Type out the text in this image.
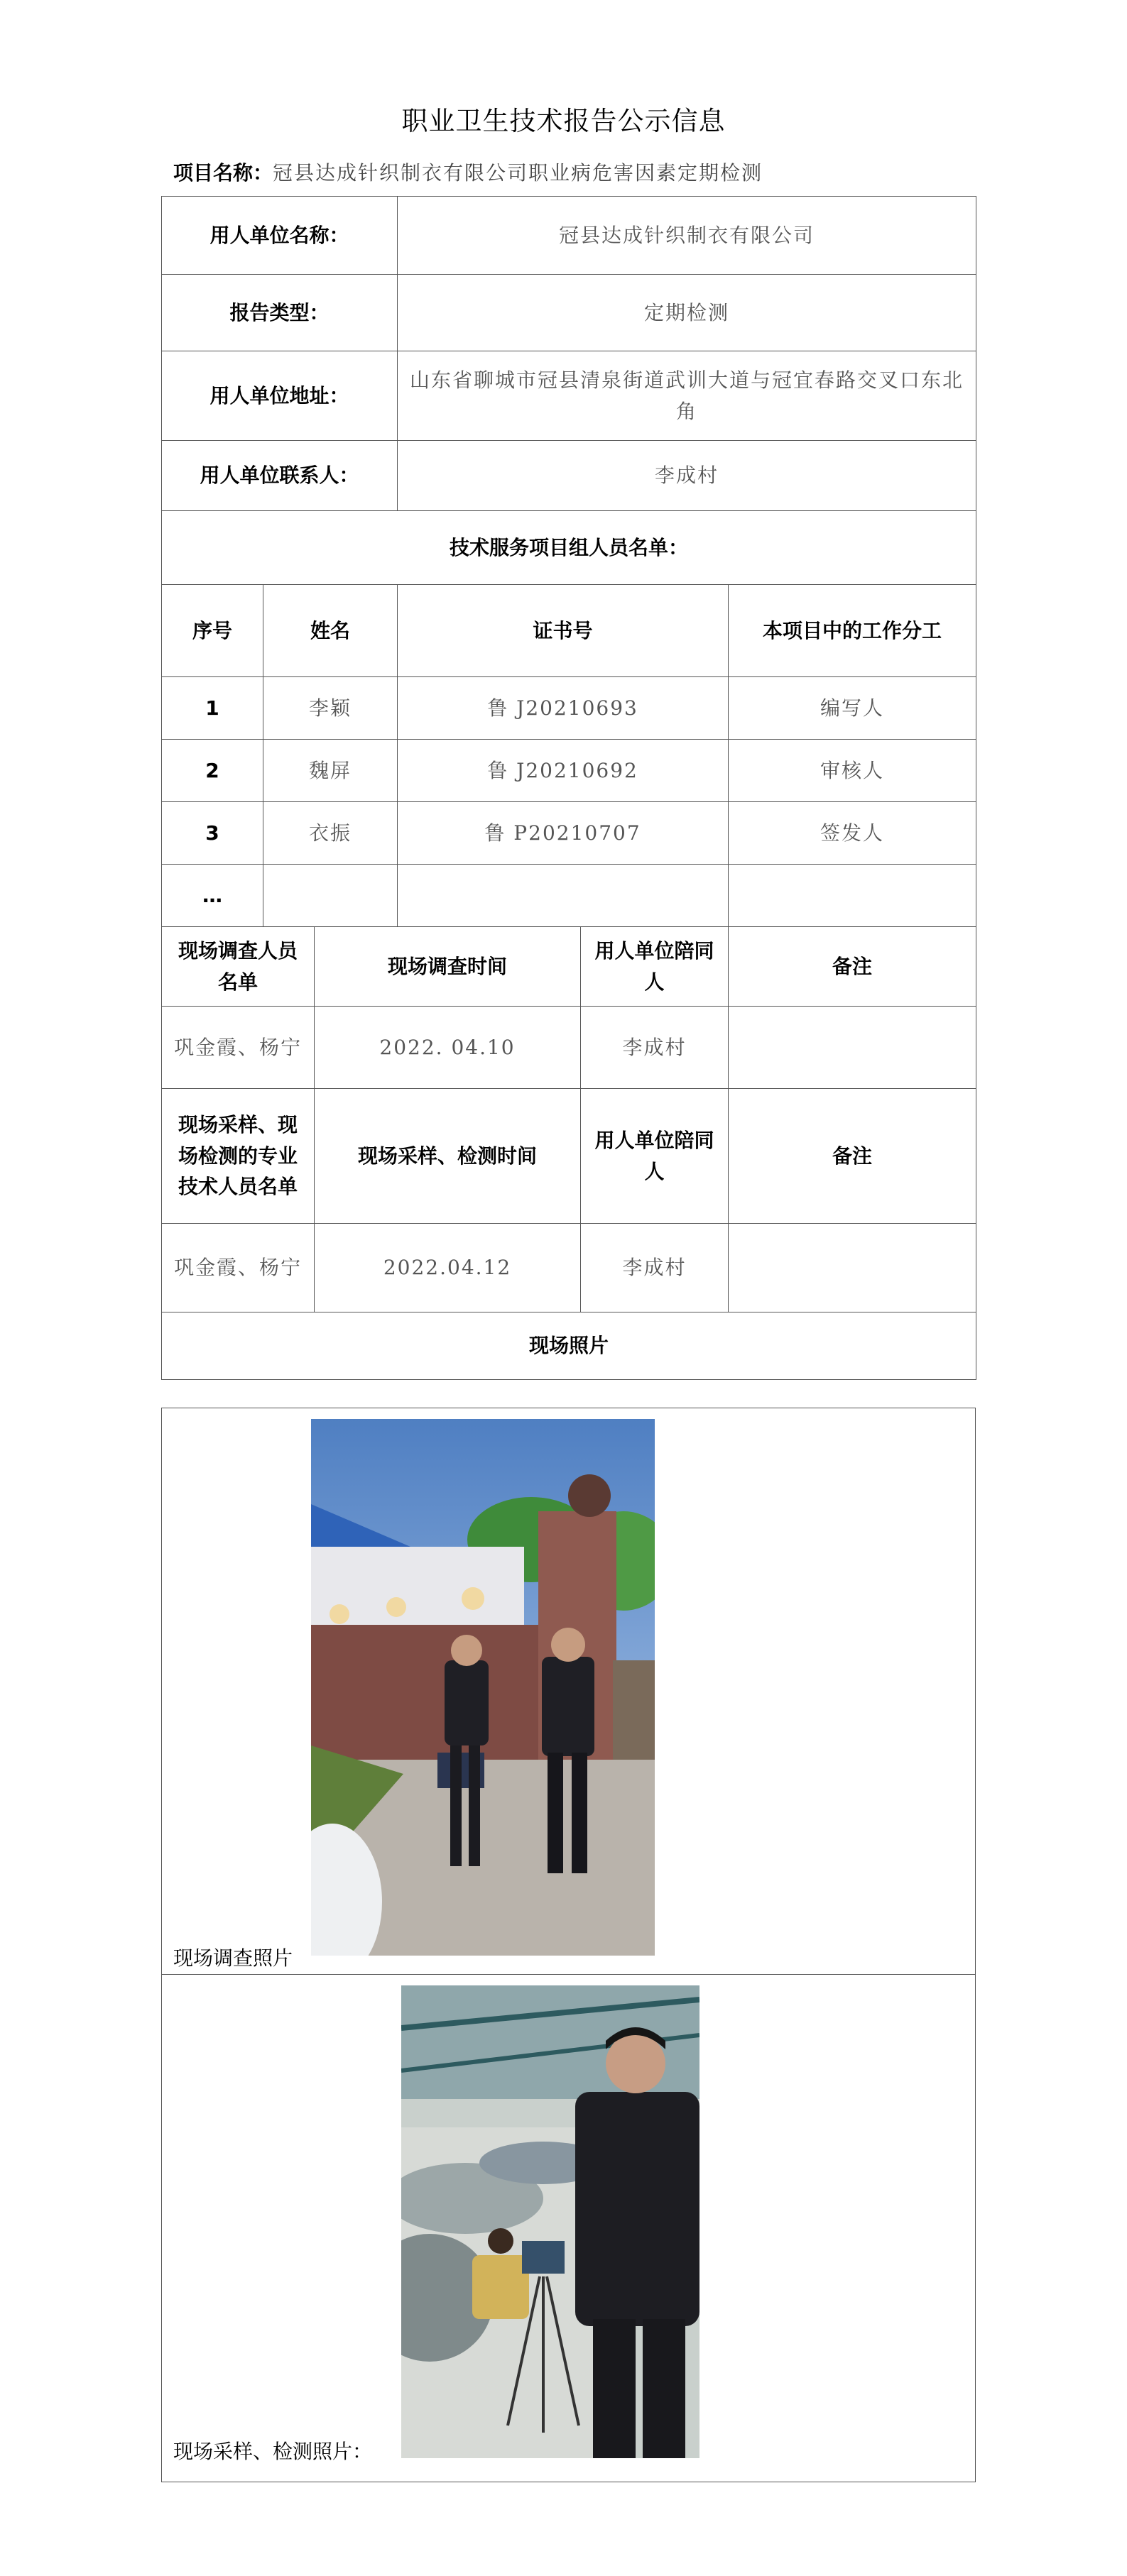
职业卫生技术报告公示信息
项目名称：冠县达成针织制衣有限公司职业病危害因素定期检测
用人单位名称：			冠县达成针织制衣有限公司		
报告类型：			定期检测		
用人单位地址：			山东省聊城市冠县清泉街道武训大道与冠宜春路交叉口东北角		
用人单位联系人：			李成村		
技术服务项目组人员名单：					
序号	姓名		证书号		本项目中的工作分工
1	李颖		鲁 J20210693		编写人
2	魏屏		鲁 J20210692		审核人
3	衣振		鲁 P20210707		签发人
…					
现场调查人员名单		现场调查时间		用人单位陪同人	备注
巩金霞、杨宁		2022. 04.10		李成村	
现场采样、现场检测的专业技术人员名单		现场采样、检测时间		用人单位陪同人	备注
巩金霞、杨宁		2022.04.12		李成村	
现场照片					
现场调查照片

现场采样、检测照片：
